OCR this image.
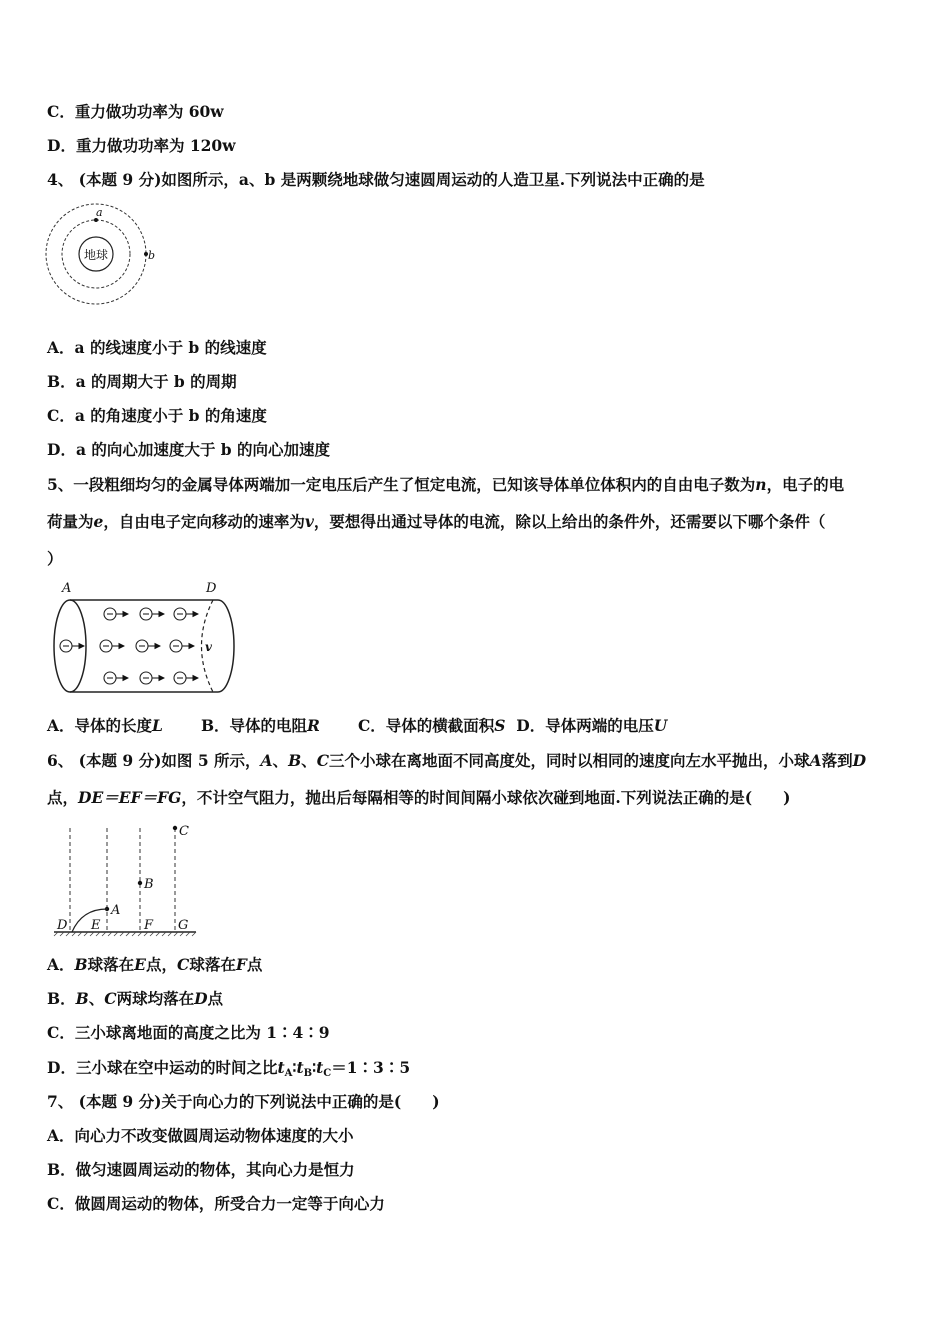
C．重力做功功率为 60w
D．重力做功功率为 120w
4、 (本题 9 分)如图所示，a、b 是两颗绕地球做匀速圆周运动的人造卫星.下列说法中正确的是
地球
a
b
A．a 的线速度小于 b 的线速度
B．a 的周期大于 b 的周期
C．a 的角速度小于 b 的角速度
D．a 的向心加速度大于 b 的向心加速度
5、一段粗细均匀的金属导体两端加一定电压后产生了恒定电流，已知该导体单位体积内的自由电子数为n，电子的电
荷量为e，自由电子定向移动的速率为v，要想得出通过导体的电流，除以上给出的条件外，还需要以下哪个条件（
）
A	D
v
A．导体的长度L B．导体的电阻R C．导体的横截面积S D．导体两端的电压U
6、 (本题 9 分)如图 5 所示，A、B、C三个小球在离地面不同高度处，同时以相同的速度向左水平抛出，小球A落到D
点，DE＝EF＝FG，不计空气阻力，抛出后每隔相等的时间间隔小球依次碰到地面.下列说法正确的是(　　)
C
B
A
D E	F G
A．B球落在E点，C球落在F点
B．B、C两球均落在D点
C．三小球离地面的高度之比为 1∶4∶9
D．三小球在空中运动的时间之比$t_A∶t_B∶t_C=1∶3∶5$
7、 (本题 9 分)关于向心力的下列说法中正确的是(　　)
A．向心力不改变做圆周运动物体速度的大小
B．做匀速圆周运动的物体，其向心力是恒力
C．做圆周运动的物体，所受合力一定等于向心力
